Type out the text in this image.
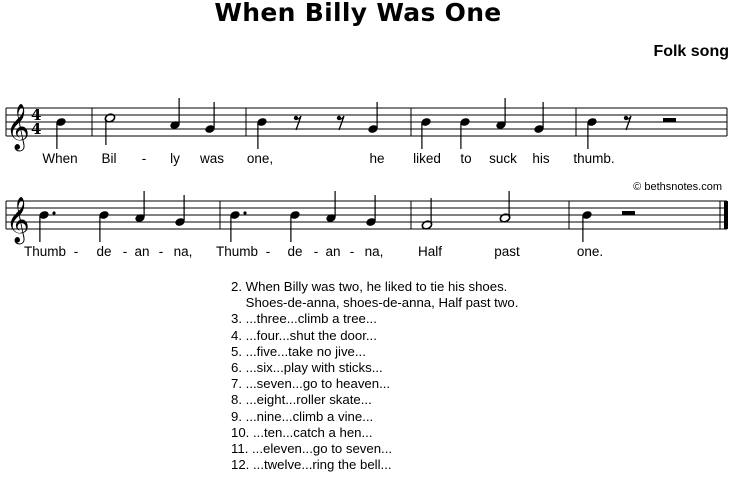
When Billy Was One
Folk song
© bethsnotes.com
𝄞 4
4
𝄞
When Bil - ly was one,	he liked to suck his thumb.
Thumb - de - an - na, Thumb - de - an - na,	Half	past	one.
2. When Billy was two, he liked to tie his shoes.
Shoes-de-anna, shoes-de-anna, Half past two.
3. ...three...climb a tree...
4. ...four...shut the door...
5. ...five...take no jive...
6. ...six...play with sticks...
7. ...seven...go to heaven...
8. ...eight...roller skate...
9. ...nine...climb a vine...
10. ...ten...catch a hen...
11. ...eleven...go to seven...
12. ...twelve...ring the bell...
